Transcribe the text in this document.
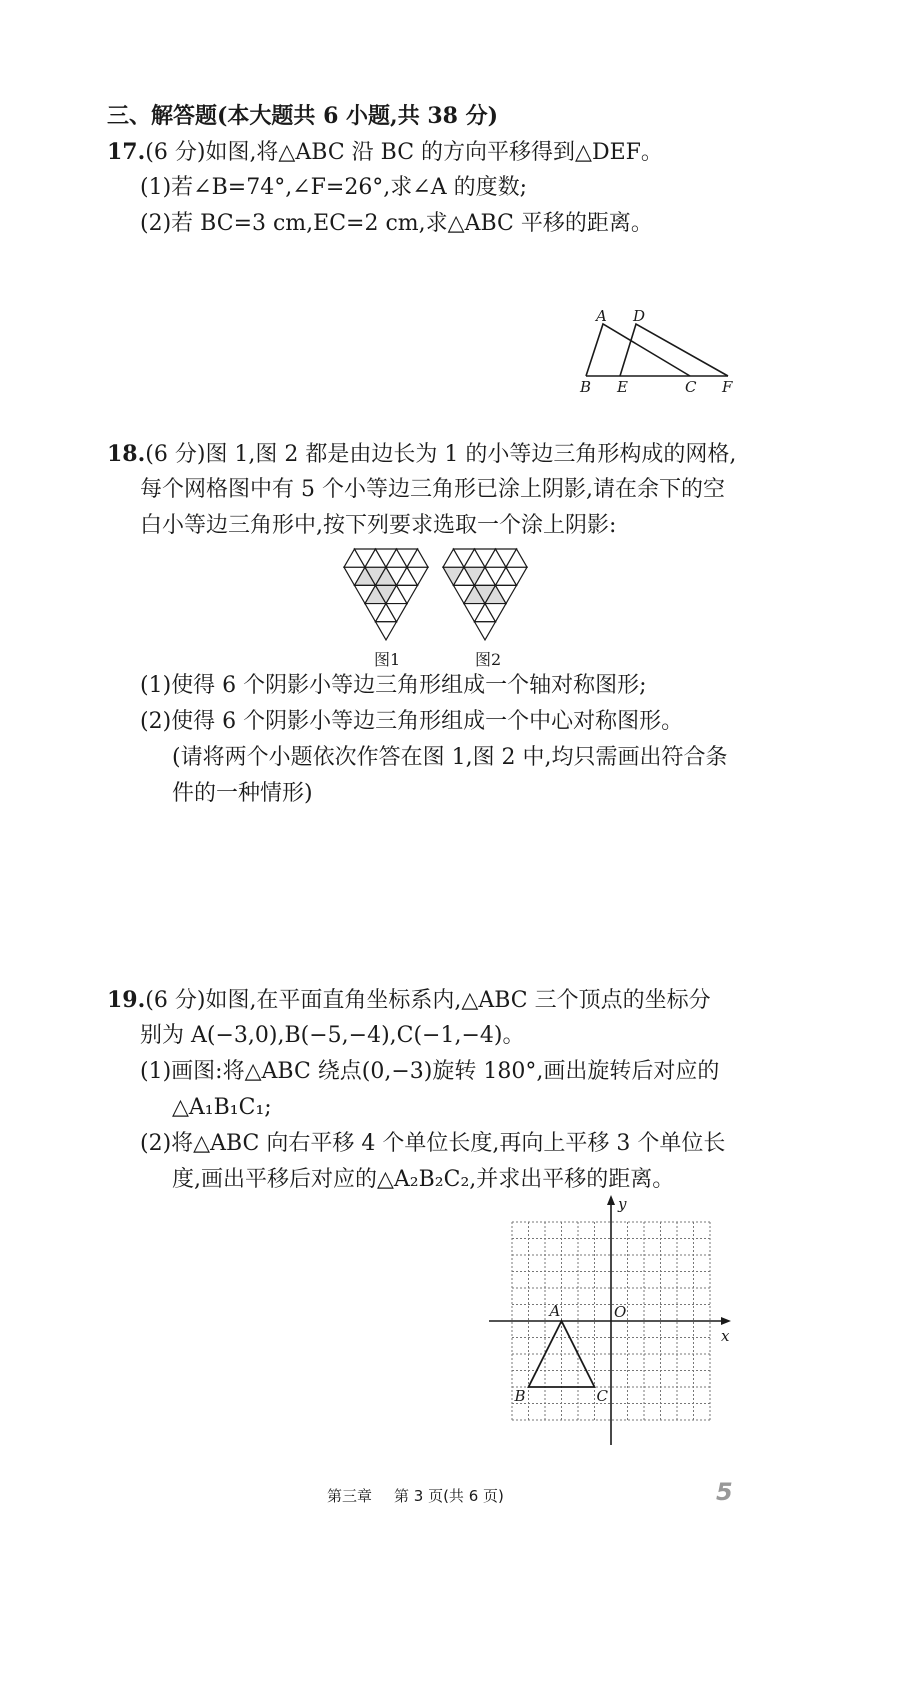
三、解答题(本大题共 6 小题,共 38 分)
17.(6 分)如图,将△ABC 沿 BC 的方向平移得到△DEF。
(1)若∠B=74°,∠F=26°,求∠A 的度数;
(2)若 BC=3 cm,EC=2 cm,求△ABC 平移的距离。
A D
B E	C F
18.(6 分)图 1,图 2 都是由边长为 1 的小等边三角形构成的网格,
每个网格图中有 5 个小等边三角形已涂上阴影,请在余下的空
白小等边三角形中,按下列要求选取一个涂上阴影:
图1	图2
(1)使得 6 个阴影小等边三角形组成一个轴对称图形;
(2)使得 6 个阴影小等边三角形组成一个中心对称图形。
(请将两个小题依次作答在图 1,图 2 中,均只需画出符合条
件的一种情形)
19.(6 分)如图,在平面直角坐标系内,△ABC 三个顶点的坐标分
别为 A(−3,0),B(−5,−4),C(−1,−4)。
(1)画图:将△ABC 绕点(0,−3)旋转 180°,画出旋转后对应的
△A₁B₁C₁;
(2)将△ABC 向右平移 4 个单位长度,再向上平移 3 个单位长
度,画出平移后对应的△A₂B₂C₂,并求出平移的距离。
x
y
O
A
B	C
第三章 第 3 页(共 6 页)	5
